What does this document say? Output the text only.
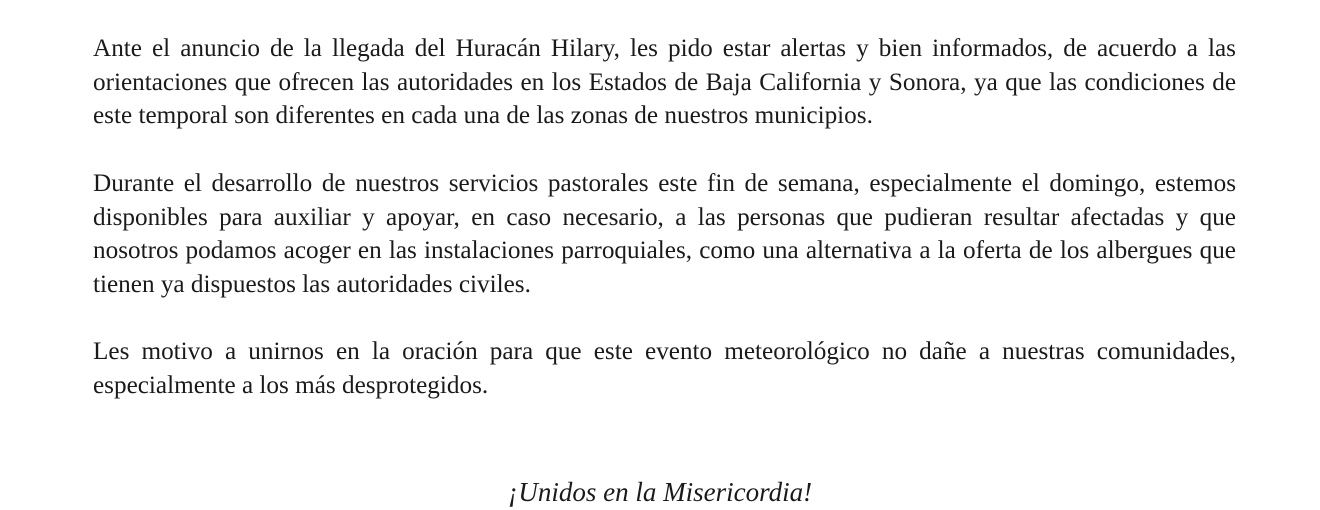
Ante el anuncio de la llegada del Huracán Hilary, les pido estar alertas y bien informados, de acuerdo a las orientaciones que ofrecen las autoridades en los Estados de Baja California y Sonora, ya que las condiciones de este temporal son diferentes en cada una de las zonas de nuestros municipios.

Durante el desarrollo de nuestros servicios pastorales este fin de semana, especialmente el domingo, estemos disponibles para auxiliar y apoyar, en caso necesario, a las personas que pudieran resultar afectadas y que nosotros podamos acoger en las instalaciones parroquiales, como una alternativa a la oferta de los albergues que tienen ya dispuestos las autoridades civiles.

Les motivo a unirnos en la oración para que este evento meteorológico no dañe a nuestras comunidades, especialmente a los más desprotegidos.

¡Unidos en la Misericordia!
